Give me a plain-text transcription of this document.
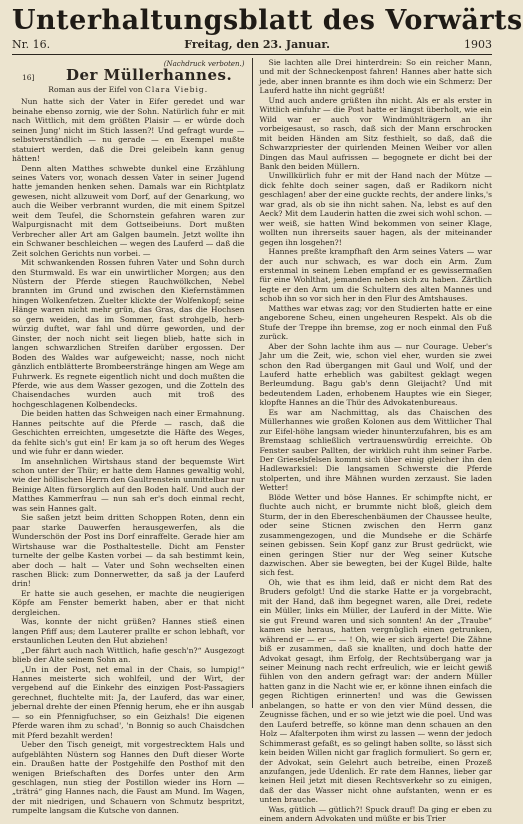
Unterhaltungsblatt des Vorwärts
Nr. 16.	Freitag, den 23. Januar.	1903
(Nachdruck verboten.)
16]	Der Müllerhannes.
Roman aus der Eifel von Clara Viebig.

Nun hatte sich der Vater in Eifer geredet und war beinahe ebenso zornig, wie der Sohn. Natürlich fuhr er mit nach Wittlich, mit dem größten Plaisir — er würde doch seinen Jung' nicht im Stich lassen?! Und gefragt wurde — selbstverständlich — nu gerade — en Exempel mußte statuiert werden, daß die Drei geleibeln kann genug hätten!

Denn alten Matthes schwebte dunkel eine Erzählung seines Vaters vor, wonach dessen Vater in seiner Jugend hatte jemanden henken sehen. Damals war ein Richtplatz gewesen, nicht allzuweit vom Dorf, auf der Genarkung, wo auch die Weiber verbrannt wurden, die mit einem Spitzel weit dem Teufel, die Schornstein gefahren waren zur Walpurgisnacht mit dem Gottseibeiuns. Dort mußten Verbrecher aller Art am Galgen baumeln. Jetzt wollte ihn ein Schwaner beschleichen — wegen des Lauferd — daß die Zeit solchen Gerichts nun vorbei. —

Mit schwankenden Rossen fuhren Vater und Sohn durch den Sturmwald. Es war ein unwirtlicher Morgen; aus den Nüstern der Pferde stiegen Rauchwölkchen, Nebel brannten im Grund und zwischen den Kiefernstämmen hingen Wolkenfetzen. Zuelter klickte der Wolfenkopf; seine Hänge waren nicht mehr grün, das Gras, das die Hochsen so gern weiden, das im Sommer, fast strohgelb, herb-würzig duftet, war fahl und dürre geworden, und der Ginster, der noch nicht seit liegen blieb, hatte sich in langen schwarzlichen Streifen darüber ergossen. Der Boden des Waldes war aufgeweicht; nasse, noch nicht gänzlich entblätterte Brombeerstränge hingen am Wege am Fuhrwerk. Es regnete eigentlich nicht und doch mußten die Pferde, wie aus dem Wasser gezogen, und die Zotteln des Chaisendaches wurden auch mit troß des hochgeschlagenen Kolbendecks.

Die beiden hatten das Schweigen nach einer Ermahnung. Hannes peitschte auf die Pferde — rasch, daß die Geschichten erreichten, umgesetzte die Häfte des Weges, da fehlte sich's gut ein! Er kam ja so oft herum des Weges und wie fuhr er dann wieder.

Im ansehnlichen Wirtshaus stand der bequemste Wirt schon unter der Thür; er hatte dem Hannes gewaltig wohl, wie der höllischen Herrn den Gaultrenstein unmittelbar nur Beinige Alten fürsorglich auf den Boden half. Und auch der Matthes Kammerfrau — nun sah er's doch einmal recht, was sein Hannes galt.

Sie saßen jetzt beim dritten Schoppen Roten, denn ein paar starke Dauwerfen herausgewerfen, als die Wunderschön der Post ins Dorf einraffelte. Gerade hier am Wirtshause war die Posthaltestelle. Dicht am Fenster turnelte der gelbe Kasten vorbei — da sah bestimmt kein, aber doch — halt — Vater und Sohn wechselten einen raschen Blick: zum Donnerwetter, da saß ja der Lauferd drin!

Er hatte sie auch gesehen, er machte die neugierigen Köpfe am Fenster bemerkt haben, aber er that nicht dergleichen.

Was, konnte der nicht grüßen? Hannes stieß einen langen Pfiff aus; dem Lauterer prallte er schon lebhaft, vor erstaunlichen Leuten den Hut abziehen!

„Der fährt auch nach Wittlich, hafie gesch'n?“ Ausgezogt blieb der Alte seinem Sohn an.

„Un in der Post, net emal in der Chais, so lumpig!“ Hannes meisterte sich wohlfeil, und der Wirt, der vergebend auf die Einkehr des einzigen Post-Passagiers gerechnet, fluchtelte mit: Ja, der Lauferd, das war einer, jebernal drehte der einen Pfennig herum, ehe er ihn ausgab — so ein Pfennigfuchser, so ein Geizhals! Die eigenen Pferde waren ihm zu schad', 'n Bonnig so auch Chaisdchen mit Pferd bezahlt werden!

Ueber den Tisch geneigt, mit vorgestrecktem Hals und aufgeblähten Nüstern sog Hannes den Duft dieser Worte ein. Draußen hatte der Postgehilfe den Posthof mit den wenigen Briefschaften des Dorfes unter den Arm geschlagen, nun stieg der Postillon wieder ins Horn — „trätrá“ ging Hannes nach, die Faust am Mund. Im Wagen, der mit niedrigen, und Schauern von Schmutz bespritzt, rumpelte langsam die Kutsche von dannen.

Sie lachten alle Drei hinterdrein: So ein reicher Mann, und mit der Schneckenpost fahren! Hannes aber hatte sich jede, aber innen brannte es ihm doch wie ein Schmerz: Der Lauferd hatte ihn nicht gegrüßt!

Und auch andere grüßten ihn nicht. Als er als erster in Wittlich einfuhr — die Post hatte er längst überholt, wie ein Wild war er auch vor Windmühlträgern an ihr vorbeigesaust, so rasch, daß sich der Mann erschrocken mit beiden Händen am Sitz festhielt, so daß, daß die Schwarzpriester der quirlenden Meinen Weiber vor allen Dingen das Maul aufrissen — begognete er dicht bei der Bank den beiden Müllern.

Unwillkürlich fuhr er mit der Hand nach der Mütze — dick fehlte doch seiner sagen, daß er Radikorn nicht geschlagen! aber der eine guckte rechts, der andere links,'s war grad, als ob sie ihn nicht sahen. Na, lebst es auf den Aeck? Mit dem Lauderin hatten die zwei sich wohl schon. — wer weiß, sie hatten Wind bekommen von seiner Klage, wollten nun ihrerseits sauer hagen, als der miteinander gegen ihn losgehen?!

Hannes preßte krampfhaft den Arm seines Vaters — war der auch nur schwach, es war doch ein Arm. Zum erstenmal in seinem Leben empfand er es gewissermaßen für eine Wohlthat, jemanden neben sich zu haben. Zärtlich legte er den Arm um die Schultern des alten Mannes und schob ihn so vor sich her in den Flur des Amtshauses.

Matthes war etwas zag; vor den Studierten hatte er eine angeborene Scheu, einen ungeheuren Respekt. Als ob die Stufe der Treppe ihn bremse, zog er noch einmal den Fuß zurück.

Aber der Sohn lachte ihm aus — nur Courage. Ueber's Jahr um die Zeit, wie, schon viel eher, wurden sie zwei schon den Rad übergangen mit Gaul und Wolf, und der Lauferd hatte erheblich was gabiltest geklagt wegen Berleumdung. Bagu gab's denn Gleijacht? Und mit bedeutendem Laden, erhobenem Hauptes wie ein Sieger, klopfte Hannes an die Thür des Advokatenbureaus.

Es war am Nachmittag, als das Chaischen des Müllerhannes wie großen Kolonen aus dem Wittlicher Thal zur Eifel-höhe langsam wieder hinunterzufahren, bis es am Bremstaag schließlich vertrauenswürdig erreichte. Ob Fenster sauber Pallten, der wirklich ruht ihm seiner Farbe. Der Grieselsfelsen kommt sich über einig gleicher ihn den Hadlewarksiel: Die langsamen Schwerste die Pferde stolperten, und ihre Mähnen wurden zerzaust. Sie laden Wetter!

Blöde Wetter und böse Hannes. Er schimpfte nicht, er fluchte auch nicht, er brummte nicht bloß, gleich dem Sturm, der in den Ebereschenbäumen der Chaussee heulte, oder seine Sticnen zwischen den Herrn ganz zusammengezogen, und die Mundsehe er die Schärfe seinen gebissen. Sein Kopf ganz zur Brust gedrückt, wie einen geringen Stier nur der Weg seiner Kutsche dazwischen. Aber sie bewegten, bei der Kugel Bilde, halte sich fest.

Oh, wie that es ihm leid, daß er nicht dem Rat des Bruders gefolgt! Und die starke Hatte er ja vorgebracht, mit der Hand, daß ihm begegnet waren, alle Drei, redete ein Müller, links ein Müller, der Lauferd in der Mitte. Wie sie gut Freund waren und sich sonnten! An der „Traube“ kamen sie heraus, hatten vergnüglich einen getrunken, während er — er — — ! Oh, wie er sich ärgerte! Die Zähne biß er zusammen, daß sie knallten, und doch hatte der Advokat gesagt, ihm Erfolg, der Rechtsübergang war ja seiner Meinung nach recht erfreulich, wie er leicht gewiß fühlen von den andern gefragt war: der andern Müller hatten ganz in die Nacht wie er, er könne ihnen einfach die gegen Richtigen erinnerten! und was die Gewissen anbelangen, so hatte er von den vier Münd dessen, die Zeugnisse fächen, und er so wie jetzt wie die poel. Und was den Lauferd betreffe, so könne man denn schauen an den Holz — Afalterpoten ihm wirst zu lassen — wenn der jedoch Schimmerast gefaßt, es so gelingt haben sollte, so lässt sich kein beiden Willen nicht gar fraglich formuliert. So gern er, der Advokat, sein Gelehrt auch betreibe, einen Prozeß anzufangen, jede Udenlich. Er rate dem Hannes, lieber gar keinen Heil jetzt mit diesen Rechtsverkehr so zu einigen, daß der das Wasser nicht ohne aufstanten, wenn er es unten brauche.

Was, gütlich — gütlich?! Spuck drauf! Da ging er eben zu einem andern Advokaten und müßte er bis Trier
